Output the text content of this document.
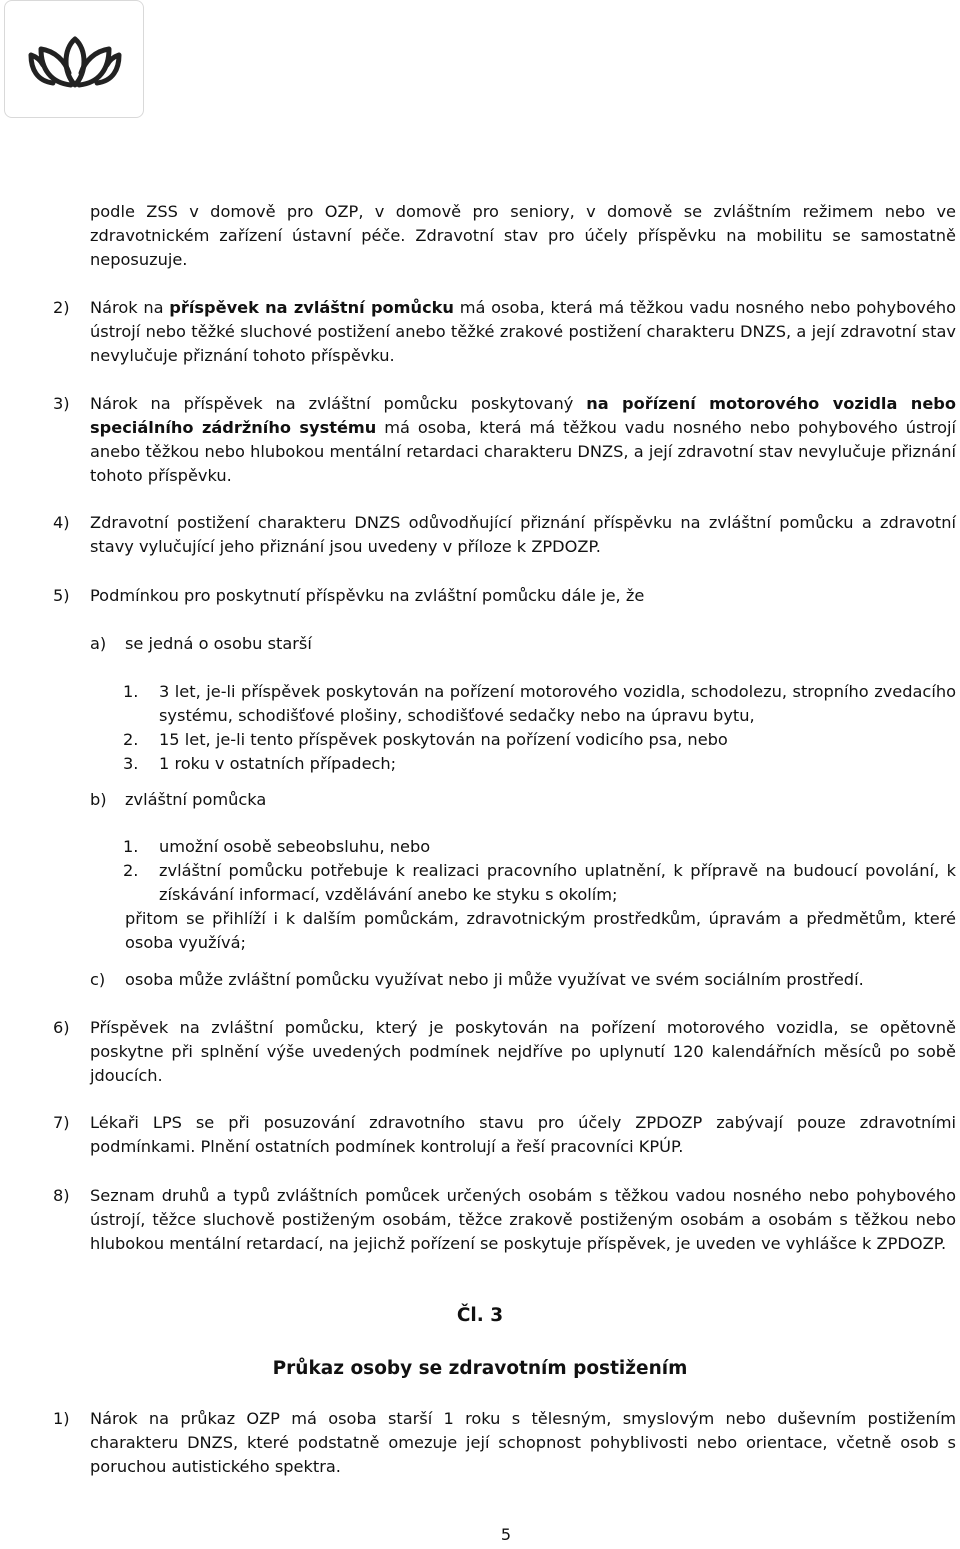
podle ZSS v domově pro OZP, v domově pro seniory, v domově se zvláštním režimem nebo ve zdravotnickém zařízení ústavní péče. Zdravotní stav pro účely příspěvku na mobilitu se samostatně neposuzuje.
2) Nárok na příspěvek na zvláštní pomůcku má osoba, která má těžkou vadu nosného nebo pohybového ústrojí nebo těžké sluchové postižení anebo těžké zrakové postižení charakteru DNZS, a její zdravotní stav nevylučuje přiznání tohoto příspěvku.
3) Nárok na příspěvek na zvláštní pomůcku poskytovaný na pořízení motorového vozidla nebo speciálního zádržního systému má osoba, která má těžkou vadu nosného nebo pohybového ústrojí anebo těžkou nebo hlubokou mentální retardaci charakteru DNZS, a její zdravotní stav nevylučuje přiznání tohoto příspěvku.
4) Zdravotní postižení charakteru DNZS odůvodňující přiznání příspěvku na zvláštní pomůcku a zdravotní stavy vylučující jeho přiznání jsou uvedeny v příloze k ZPDOZP.
5) Podmínkou pro poskytnutí příspěvku na zvláštní pomůcku dále je, že
a) se jedná o osobu starší
1. 3 let, je-li příspěvek poskytován na pořízení motorového vozidla, schodolezu, stropního zvedacího systému, schodišťové plošiny, schodišťové sedačky nebo na úpravu bytu,
2. 15 let, je-li tento příspěvek poskytován na pořízení vodicího psa, nebo
3. 1 roku v ostatních případech;
b) zvláštní pomůcka
1. umožní osobě sebeobsluhu, nebo
2. zvláštní pomůcku potřebuje k realizaci pracovního uplatnění, k přípravě na budoucí povolání, k získávání informací, vzdělávání anebo ke styku s okolím;
přitom se přihlíží i k dalším pomůckám, zdravotnickým prostředkům, úpravám a předmětům, které osoba využívá;
c) osoba může zvláštní pomůcku využívat nebo ji může využívat ve svém sociálním prostředí.
6) Příspěvek na zvláštní pomůcku, který je poskytován na pořízení motorového vozidla, se opětovně poskytne při splnění výše uvedených podmínek nejdříve po uplynutí 120 kalendářních měsíců po sobě jdoucích.
7) Lékaři LPS se při posuzování zdravotního stavu pro účely ZPDOZP zabývají pouze zdravotními podmínkami. Plnění ostatních podmínek kontrolují a řeší pracovníci KPÚP.
8) Seznam druhů a typů zvláštních pomůcek určených osobám s těžkou vadou nosného nebo pohybového ústrojí, těžce sluchově postiženým osobám, těžce zrakově postiženým osobám a osobám s těžkou nebo hlubokou mentální retardací, na jejichž pořízení se poskytuje příspěvek, je uveden ve vyhlášce k ZPDOZP.
Čl. 3
Průkaz osoby se zdravotním postižením
1) Nárok na průkaz OZP má osoba starší 1 roku s tělesným, smyslovým nebo duševním postižením charakteru DNZS, které podstatně omezuje její schopnost pohyblivosti nebo orientace, včetně osob s poruchou autistického spektra.
5
